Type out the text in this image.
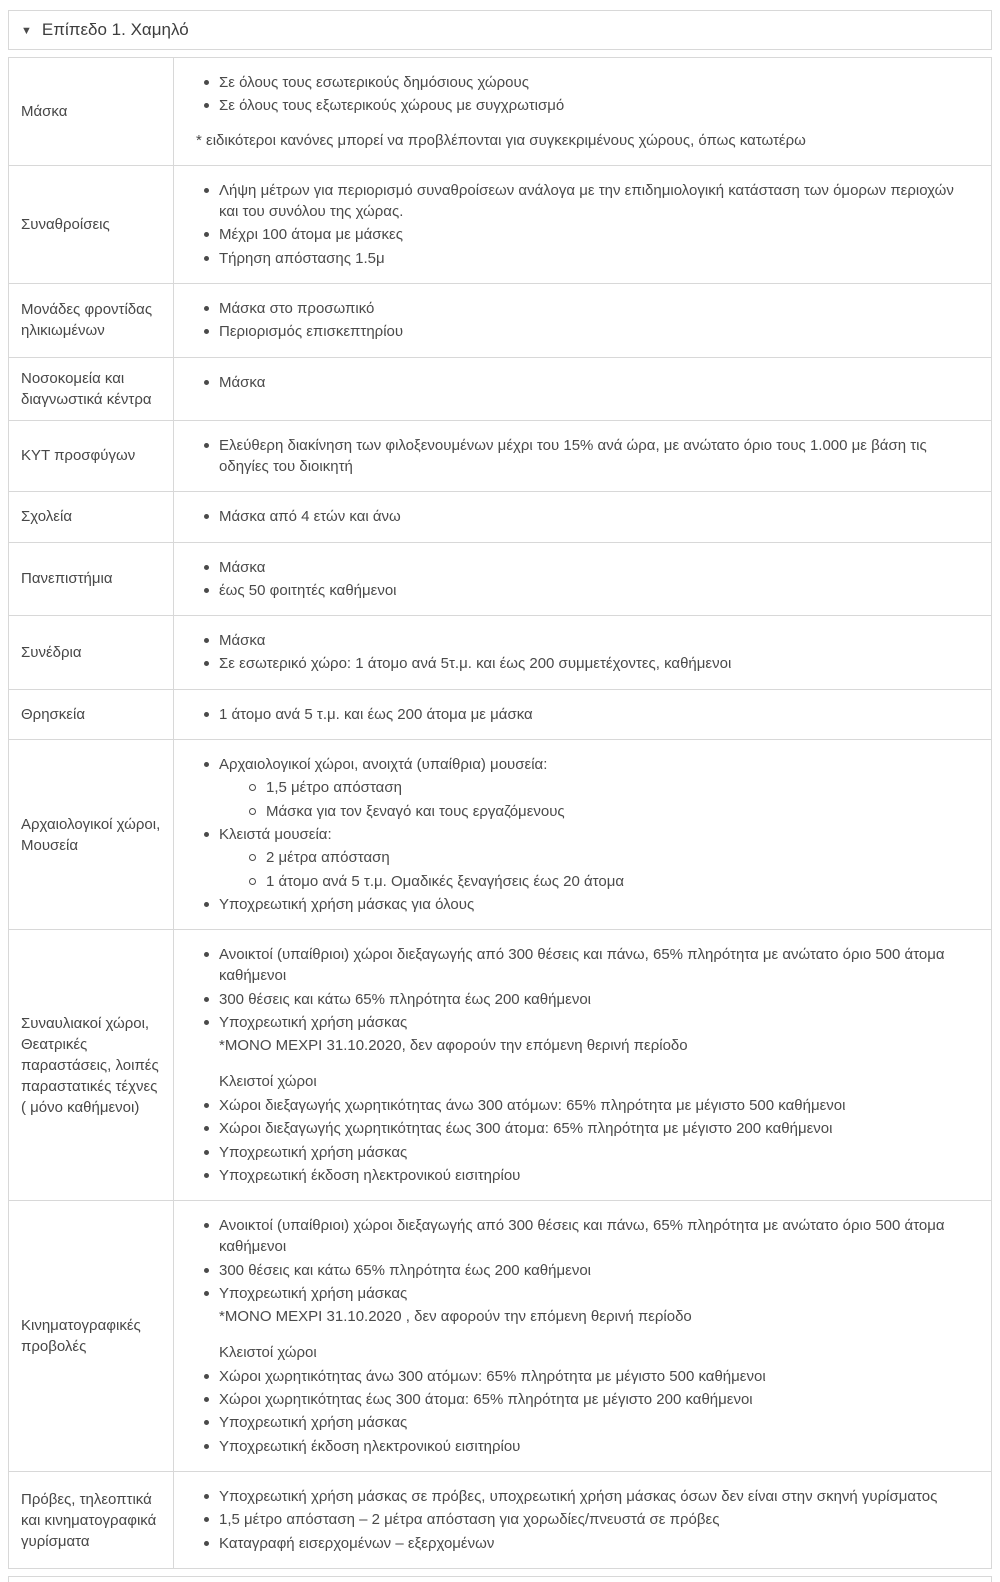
▼ Επίπεδο 1. Χαμηλό
Μάσκα
Σε όλους τους εσωτερικούς δημόσιους χώρους
Σε όλους τους εξωτερικούς χώρους με συγχρωτισμό
* ειδικότεροι κανόνες μπορεί να προβλέπονται για συγκεκριμένους χώρους, όπως κατωτέρω
Συναθροίσεις
Λήψη μέτρων για περιορισμό συναθροίσεων ανάλογα με την επιδημιολογική κατάσταση των όμορων περιοχών και του συνόλου της χώρας.
Μέχρι 100 άτομα με μάσκες
Τήρηση απόστασης 1.5μ
Μονάδες φροντίδας ηλικιωμένων
Μάσκα στο προσωπικό
Περιορισμός επισκεπτηρίου
Νοσοκομεία και διαγνωστικά κέντρα
Μάσκα
ΚΥΤ προσφύγων
Ελεύθερη διακίνηση των φιλοξενουμένων μέχρι του 15% ανά ώρα, με ανώτατο όριο τους 1.000 με βάση τις οδηγίες του διοικητή
Σχολεία	Μάσκα από 4 ετών και άνω
Πανεπιστήμια
Μάσκα
έως 50 φοιτητές καθήμενοι
Συνέδρια
Μάσκα
Σε εσωτερικό χώρο: 1 άτομο ανά 5τ.μ. και έως 200 συμμετέχοντες, καθήμενοι
Θρησκεία	1 άτομο ανά 5 τ.μ. και έως 200 άτομα με μάσκα
Αρχαιολογικοί χώροι, Μουσεία
Αρχαιολογικοί χώροι, ανοιχτά (υπαίθρια) μουσεία:
1,5 μέτρο απόσταση
Μάσκα για τον ξεναγό και τους εργαζόμενους
Κλειστά μουσεία:
2 μέτρα απόσταση
1 άτομο ανά 5 τ.μ. Ομαδικές ξεναγήσεις έως 20 άτομα
Υποχρεωτική χρήση μάσκας για όλους
Συναυλιακοί χώροι, Θεατρικές παραστάσεις, λοιπές παραστατικές τέχνες ( μόνο καθήμενοι)
Ανοικτοί (υπαίθριοι) χώροι διεξαγωγής από 300 θέσεις και πάνω, 65% πληρότητα με ανώτατο όριο 500 άτομα καθήμενοι
300 θέσεις και κάτω 65% πληρότητα έως 200 καθήμενοι
Υποχρεωτική χρήση μάσκας
*ΜΟΝΟ ΜΕΧΡΙ 31.10.2020, δεν αφορούν την επόμενη θερινή περίοδο
Κλειστοί χώροι
Χώροι διεξαγωγής χωρητικότητας άνω 300 ατόμων: 65% πληρότητα με μέγιστο 500 καθήμενοι
Χώροι διεξαγωγής χωρητικότητας έως 300 άτομα: 65% πληρότητα με μέγιστο 200 καθήμενοι
Υποχρεωτική χρήση μάσκας
Υποχρεωτική έκδοση ηλεκτρονικού εισιτηρίου
Κινηματογραφικές προβολές
Ανοικτοί (υπαίθριοι) χώροι διεξαγωγής από 300 θέσεις και πάνω, 65% πληρότητα με ανώτατο όριο 500 άτομα καθήμενοι
300 θέσεις και κάτω 65% πληρότητα έως 200 καθήμενοι
Υποχρεωτική χρήση μάσκας
*ΜΟΝΟ ΜΕΧΡΙ 31.10.2020 , δεν αφορούν την επόμενη θερινή περίοδο
Κλειστοί χώροι
Χώροι χωρητικότητας άνω 300 ατόμων: 65% πληρότητα με μέγιστο 500 καθήμενοι
Χώροι χωρητικότητας έως 300 άτομα: 65% πληρότητα με μέγιστο 200 καθήμενοι
Υποχρεωτική χρήση μάσκας
Υποχρεωτική έκδοση ηλεκτρονικού εισιτηρίου
Πρόβες, τηλεοπτικά και κινηματογραφικά γυρίσματα
Υποχρεωτική χρήση μάσκας σε πρόβες, υποχρεωτική χρήση μάσκας όσων δεν είναι στην σκηνή γυρίσματος
1,5 μέτρο απόσταση – 2 μέτρα απόσταση για χορωδίες/πνευστά σε πρόβες
Καταγραφή εισερχομένων – εξερχομένων
